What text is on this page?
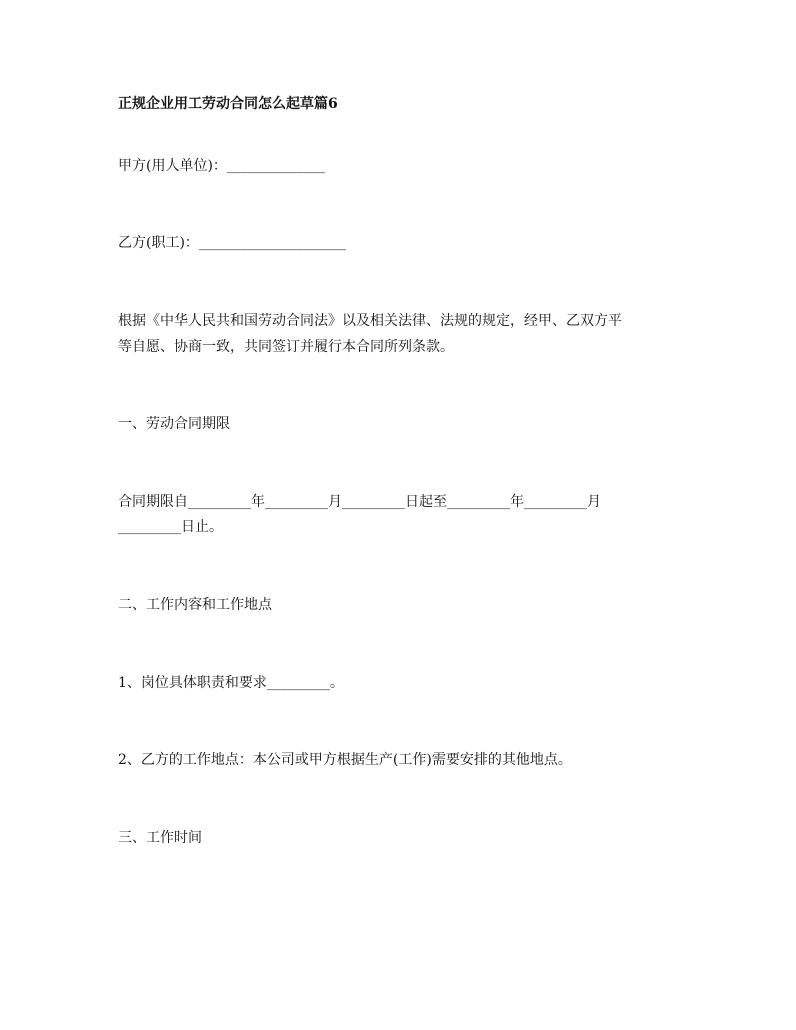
正规企业用工劳动合同怎么起草篇6

甲方(用人单位)：______________

乙方(职工)：_____________________

根据《中华人民共和国劳动合同法》以及相关法律、法规的规定，经甲、乙双方平

等自愿、协商一致，共同签订并履行本合同所列条款。

一、劳动合同期限

合同期限自_________年_________月_________日起至_________年_________月

_________日止。

二、工作内容和工作地点

1、岗位具体职责和要求_________。

2、乙方的工作地点：本公司或甲方根据生产(工作)需要安排的其他地点。

三、工作时间
